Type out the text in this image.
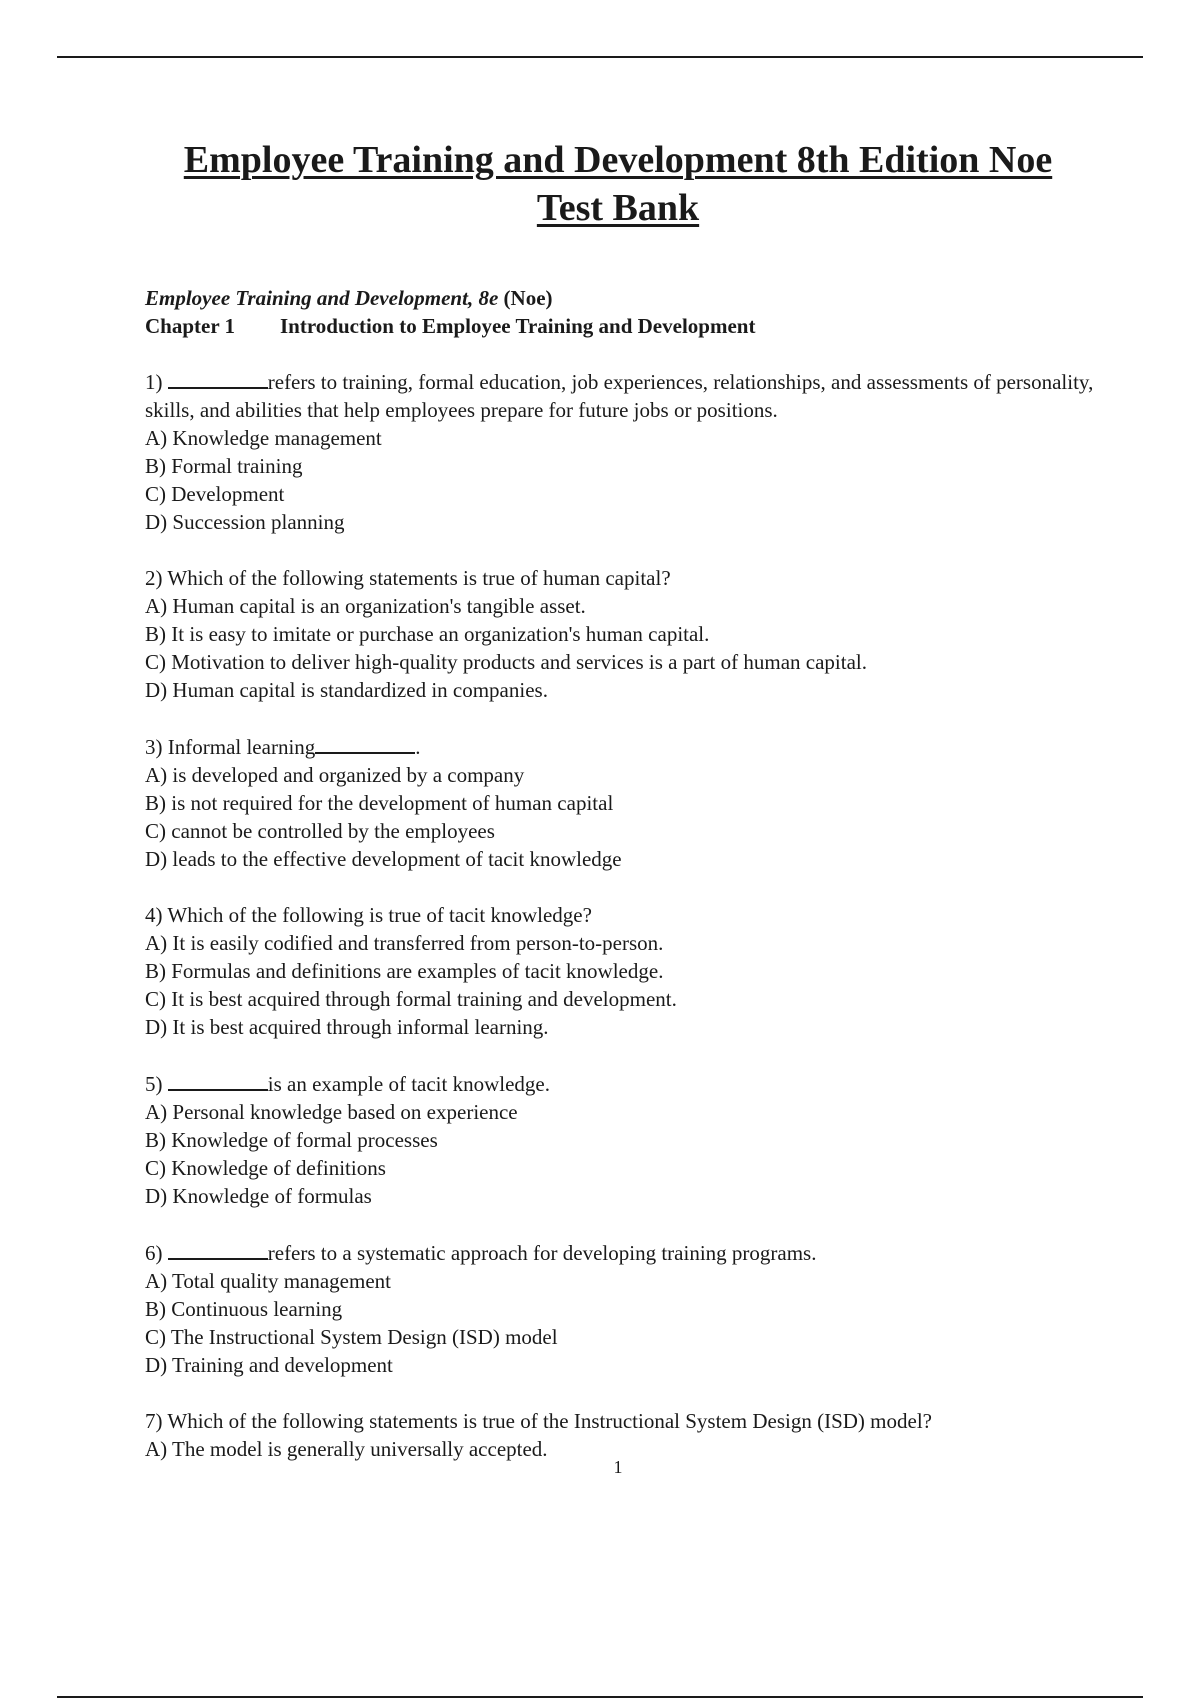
Employee Training and Development 8th Edition Noe
Test Bank

Employee Training and Development, 8e (Noe)

Chapter 1 Introduction to Employee Training and Development

1)	refers to training, formal education, job experiences, relationships, and assessments of personality, skills, and abilities that help employees prepare for future jobs or positions.

A) Knowledge management

B) Formal training

C) Development

D) Succession planning

2) Which of the following statements is true of human capital?

A) Human capital is an organization's tangible asset.

B) It is easy to imitate or purchase an organization's human capital.

C) Motivation to deliver high-quality products and services is a part of human capital.

D) Human capital is standardized in companies.

3) Informal learning	.

A) is developed and organized by a company

B) is not required for the development of human capital

C) cannot be controlled by the employees

D) leads to the effective development of tacit knowledge

4) Which of the following is true of tacit knowledge?

A) It is easily codified and transferred from person-to-person.

B) Formulas and definitions are examples of tacit knowledge.

C) It is best acquired through formal training and development.

D) It is best acquired through informal learning.

5)	is an example of tacit knowledge.

A) Personal knowledge based on experience

B) Knowledge of formal processes

C) Knowledge of definitions

D) Knowledge of formulas

6)	refers to a systematic approach for developing training programs.

A) Total quality management

B) Continuous learning

C) The Instructional System Design (ISD) model

D) Training and development

7) Which of the following statements is true of the Instructional System Design (ISD) model?

A) The model is generally universally accepted.

1
